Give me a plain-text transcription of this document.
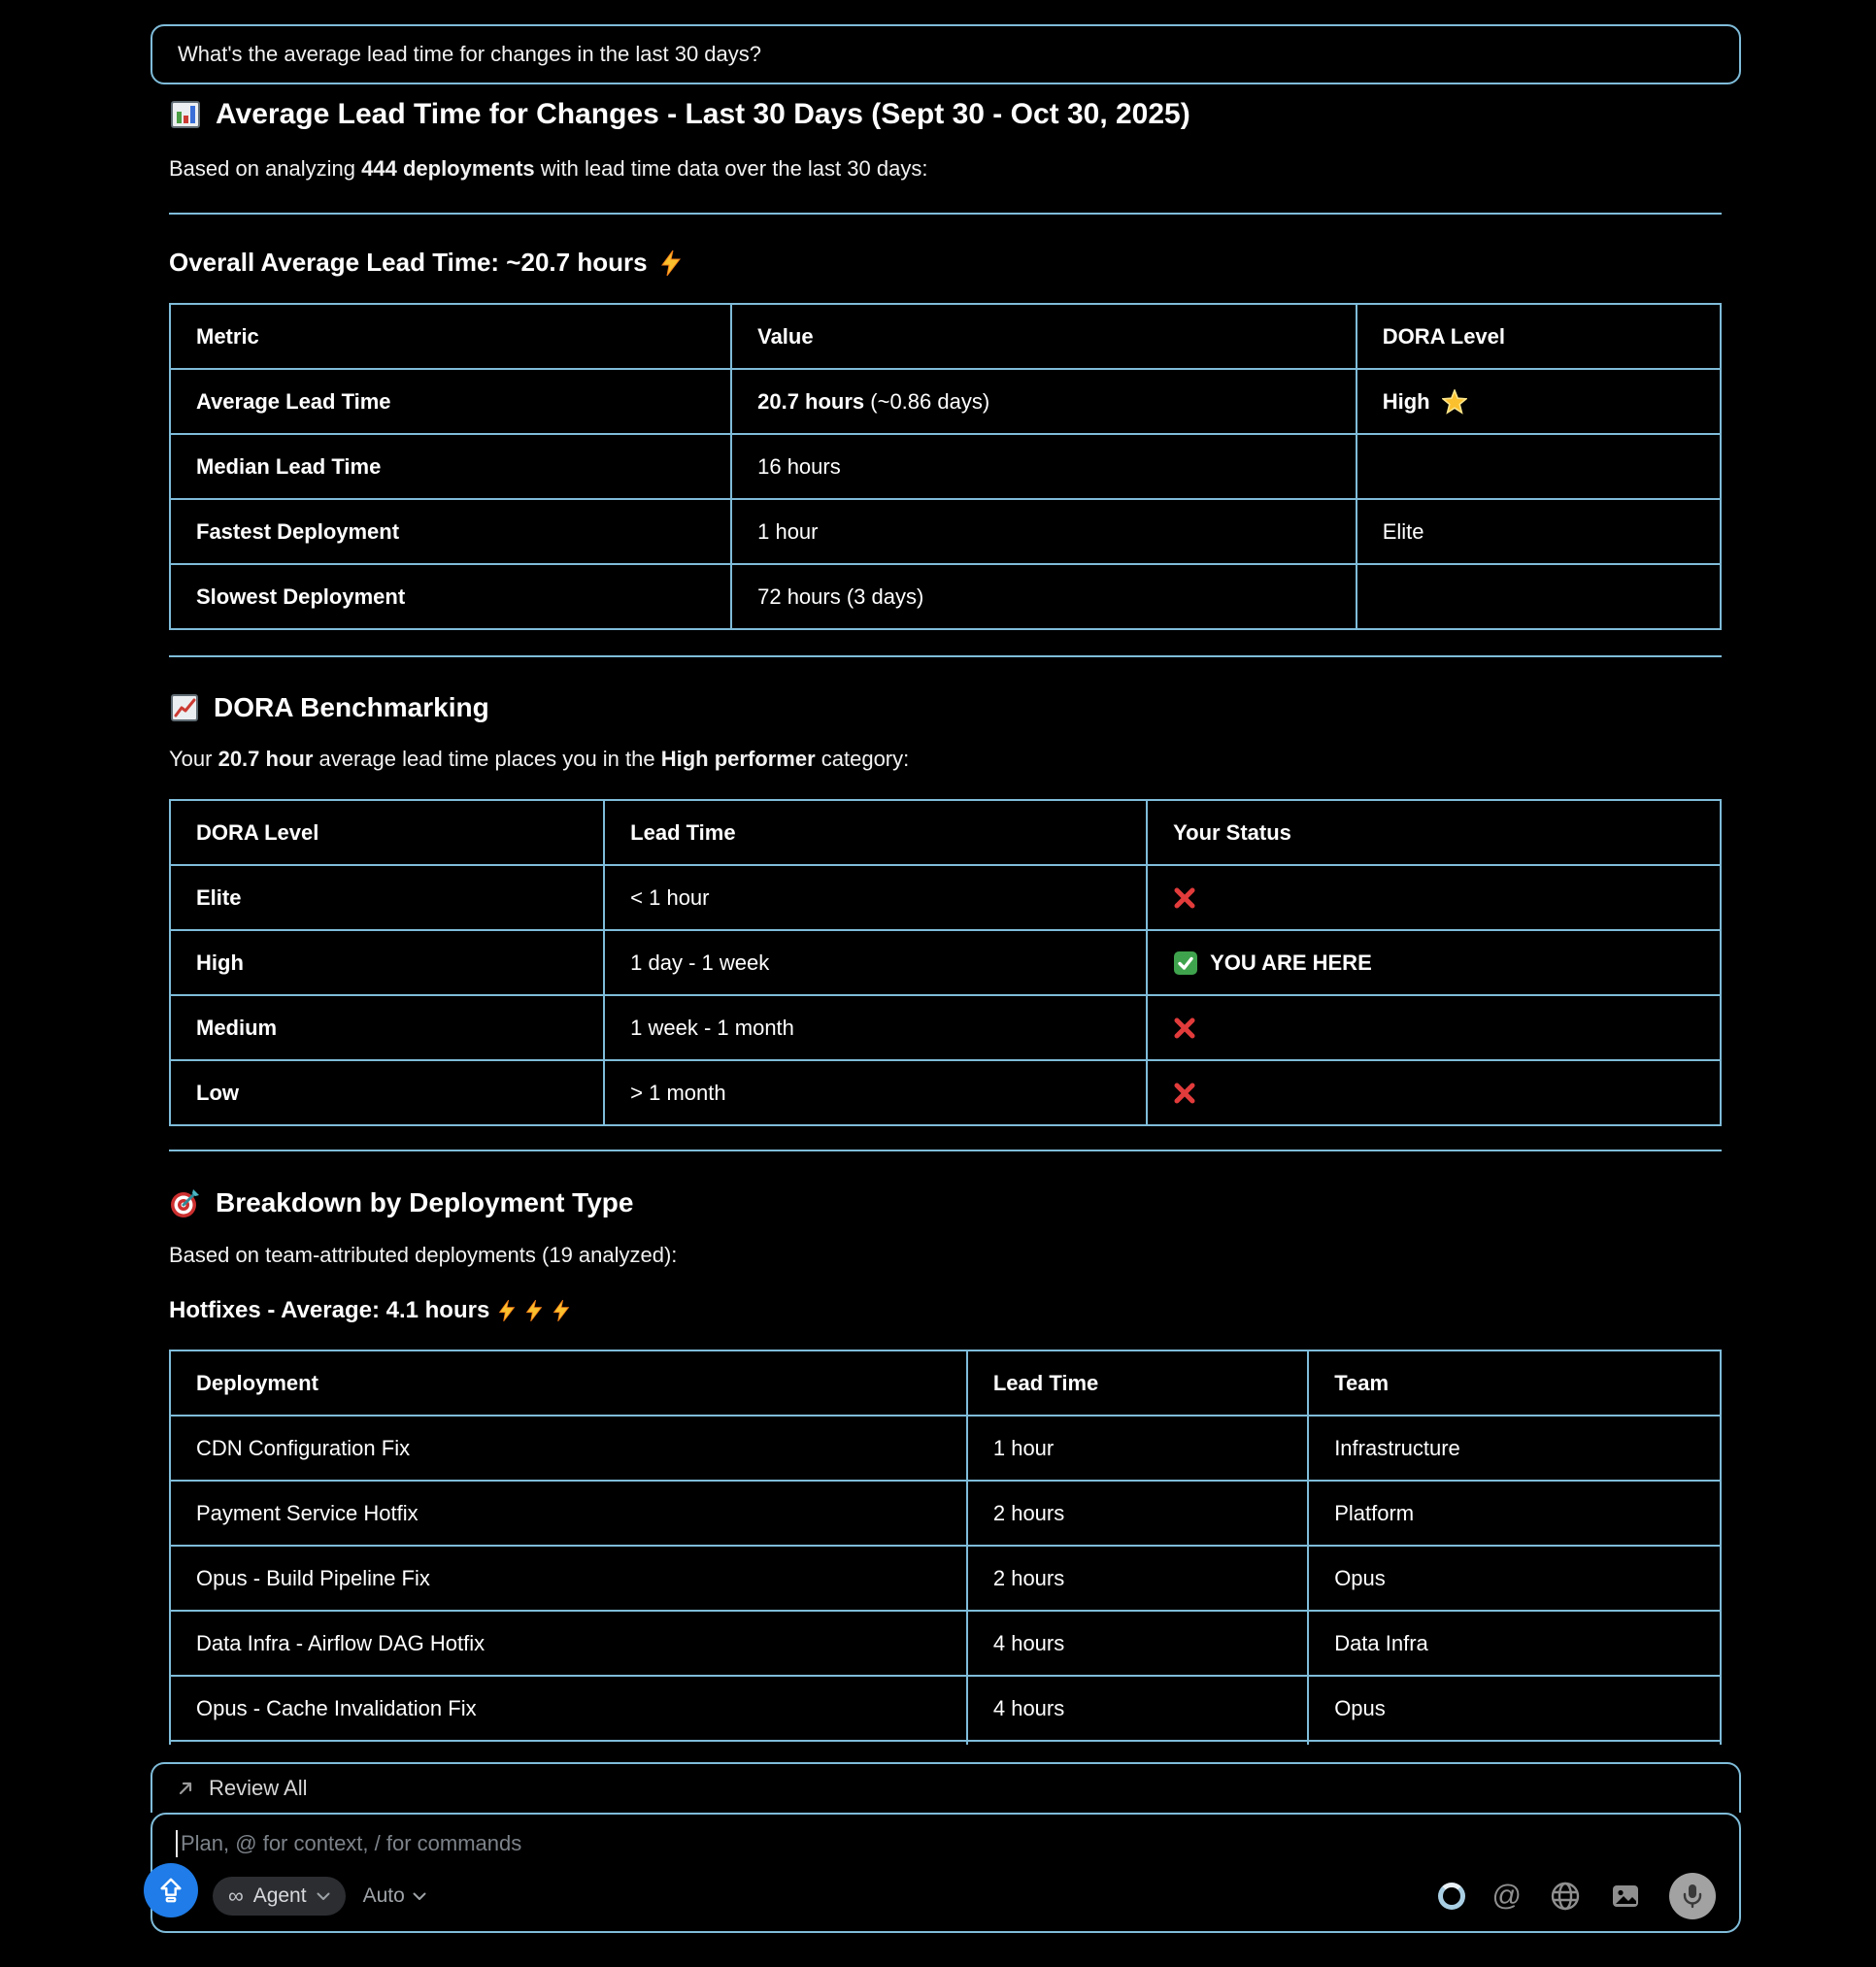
What's the average lead time for changes in the last 30 days?
Average Lead Time for Changes - Last 30 Days (Sept 30 - Oct 30, 2025)
Based on analyzing 444 deployments with lead time data over the last 30 days:
Overall Average Lead Time: ~20.7 hours
Metric	Value	DORA Level
Average Lead Time	20.7 hours (~0.86 days)	High

Median Lead Time	16 hours	
Fastest Deployment	1 hour	Elite
Slowest Deployment	72 hours (3 days)	
DORA Benchmarking
Your 20.7 hour average lead time places you in the High performer category:
DORA Level	Lead Time	Your Status
Elite	< 1 hour	

High	1 day - 1 week	YOU ARE HERE

Medium	1 week - 1 month	

Low	> 1 month	
Breakdown by Deployment Type
Based on team-attributed deployments (19 analyzed):
Hotfixes - Average: 4.1 hours
Deployment	Lead Time	Team
CDN Configuration Fix	1 hour	Infrastructure
Payment Service Hotfix	2 hours	Platform
Opus - Build Pipeline Fix	2 hours	Opus
Data Infra - Airflow DAG Hotfix	4 hours	Data Infra
Opus - Cache Invalidation Fix	4 hours	Opus

Review All
Plan, @ for context, / for commands
∞ Agent	Auto	@
